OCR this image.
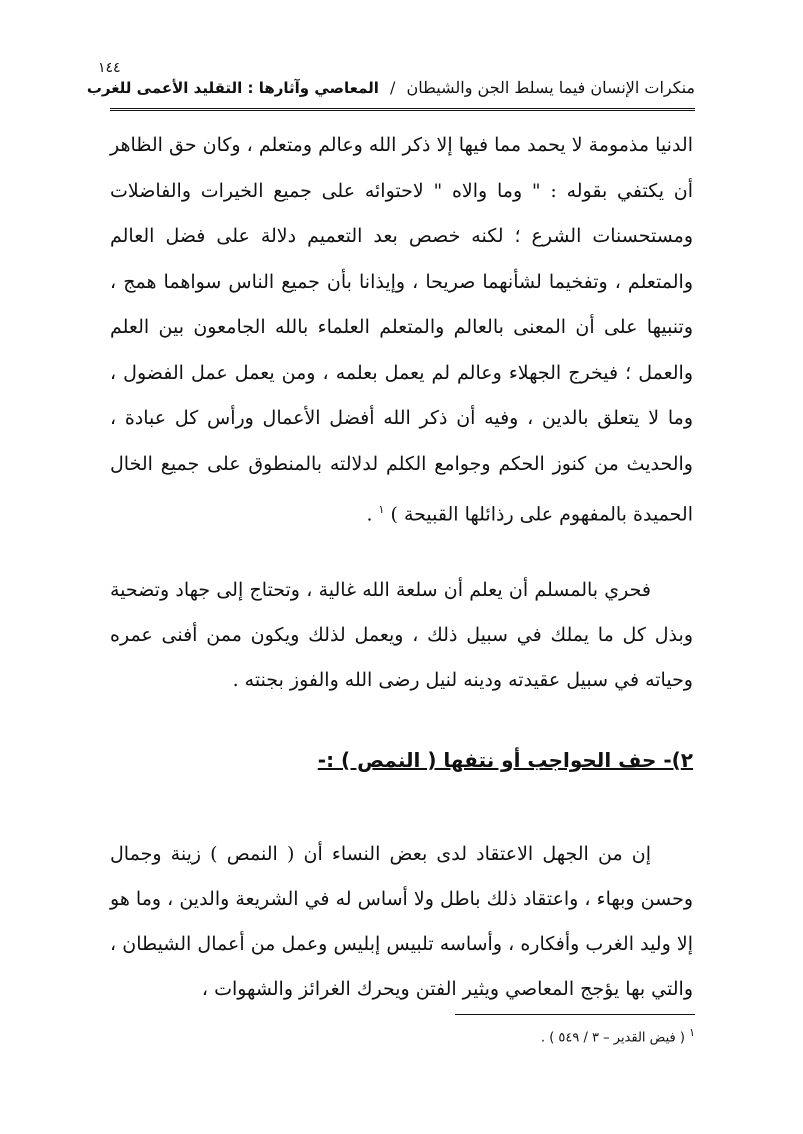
١٤٤
منكرات الإنسان فيما يسلط الجن والشيطان / المعاصي وآثارها : التقليد الأعمى للغرب

الدنيا مذمومة لا يحمد مما فيها إلا ذكر الله وعالم ومتعلم ، وكان حق الظاهر أن يكتفي بقوله : " وما والاه " لاحتوائه على جميع الخيرات والفاضلات ومستحسنات الشرع ؛ لكنه خصص بعد التعميم دلالة على فضل العالم والمتعلم ، وتفخيما لشأنهما صريحا ، وإيذانا بأن جميع الناس سواهما همج ، وتنبيها على أن المعنى بالعالم والمتعلم العلماء بالله الجامعون بين العلم والعمل ؛ فيخرج الجهلاء وعالم لم يعمل بعلمه ، ومن يعمل عمل الفضول ، وما لا يتعلق بالدين ، وفيه أن ذكر الله أفضل الأعمال ورأس كل عبادة ، والحديث من كنوز الحكم وجوامع الكلم لدلالته بالمنطوق على جميع الخال الحميدة بالمفهوم على رذائلها القبيحة ) $^١$ .

فحري بالمسلم أن يعلم أن سلعة الله غالية ، وتحتاج إلى جهاد وتضحية وبذل كل ما يملك في سبيل ذلك ، ويعمل لذلك ويكون ممن أفنى عمره وحياته في سبيل عقيدته ودينه لنيل رضى الله والفوز بجنته .

٢)- حف الحواجب أو نتفها ( النمص ) :-

إن من الجهل الاعتقاد لدى بعض النساء أن ( النمص ) زينة وجمال وحسن وبهاء ، واعتقاد ذلك باطل ولا أساس له في الشريعة والدين ، وما هو إلا وليد الغرب وأفكاره ، وأساسه تلبيس إبليس وعمل من أعمال الشيطان ، والتي بها يؤجج المعاصي ويثير الفتن ويحرك الغرائز والشهوات ،

$^١$ ( فيض القدير – ٣ / ٥٤٩ ) .
